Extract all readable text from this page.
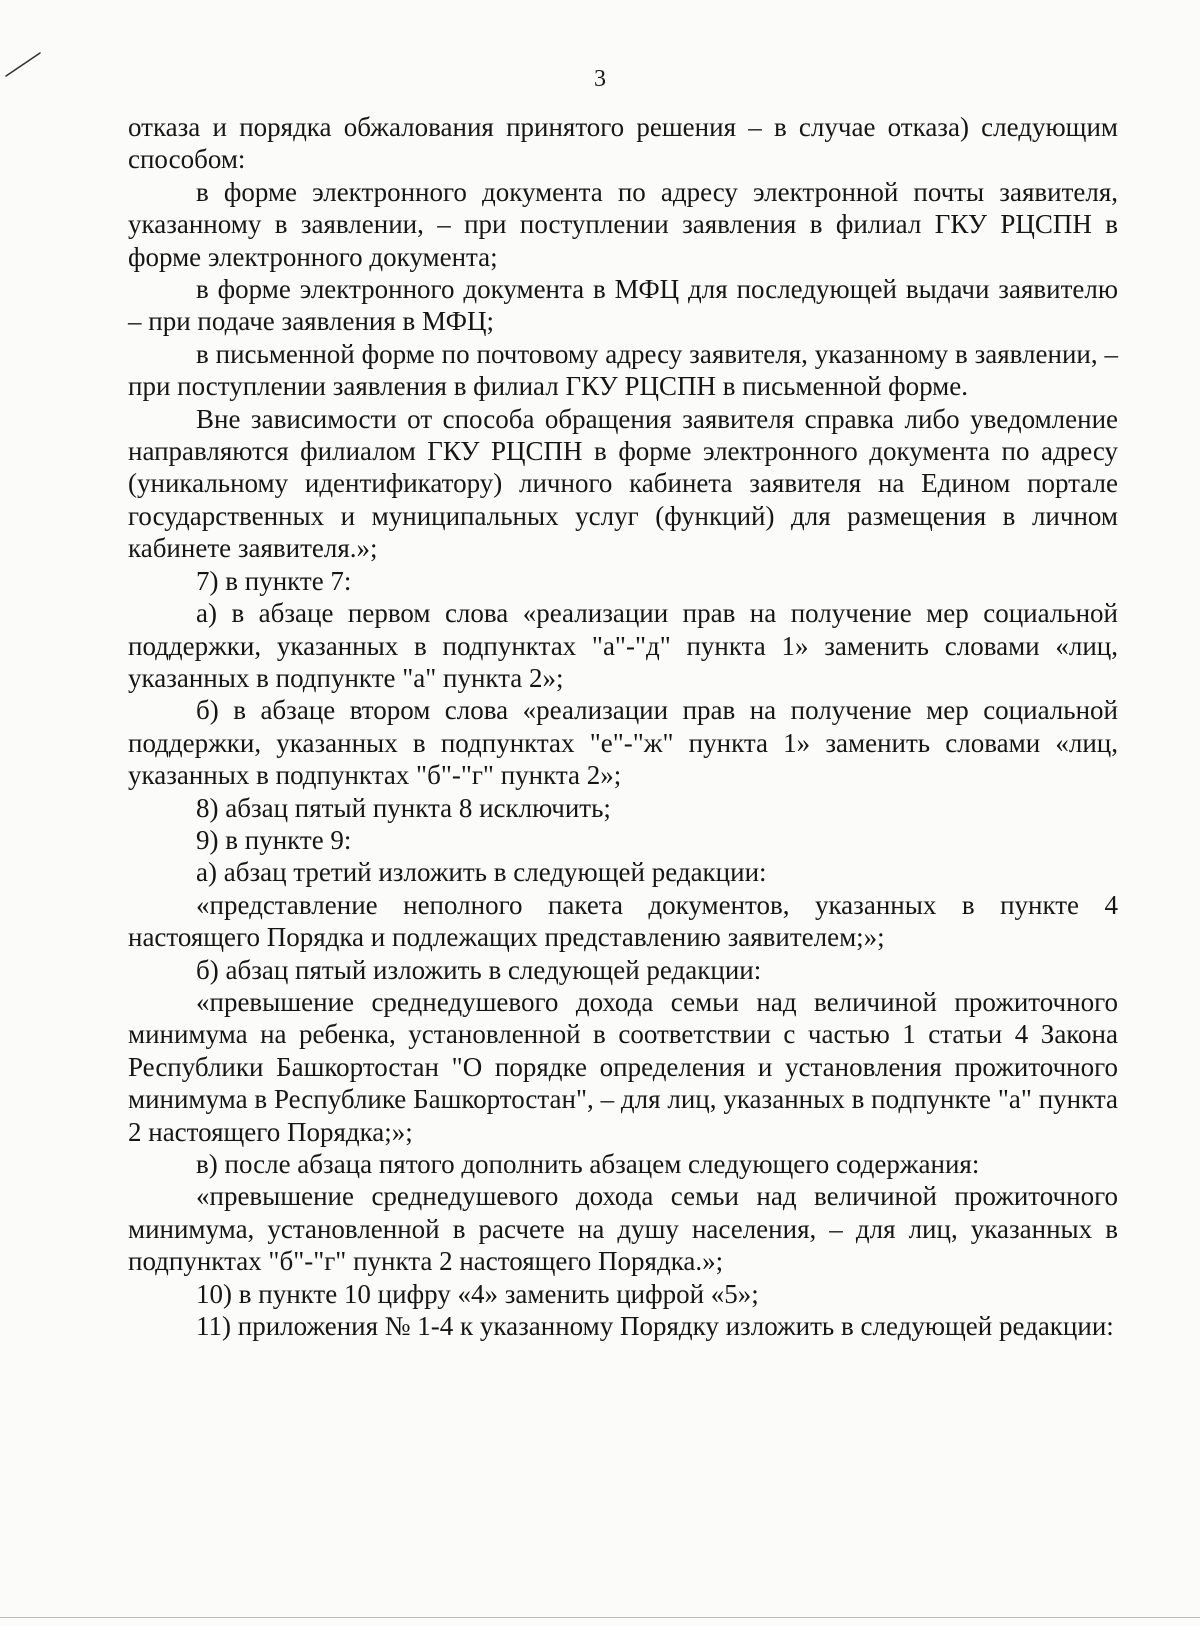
3

отказа и порядка обжалования принятого решения – в случае отказа) следующим способом:

в форме электронного документа по адресу электронной почты заявителя, указанному в заявлении, – при поступлении заявления в филиал ГКУ РЦСПН в форме электронного документа;

в форме электронного документа в МФЦ для последующей выдачи заявителю – при подаче заявления в МФЦ;

в письменной форме по почтовому адресу заявителя, указанному в заявлении, – при поступлении заявления в филиал ГКУ РЦСПН в письменной форме.

Вне зависимости от способа обращения заявителя справка либо уведомление направляются филиалом ГКУ РЦСПН в форме электронного документа по адресу (уникальному идентификатору) личного кабинета заявителя на Едином портале государственных и муниципальных услуг (функций) для размещения в личном кабинете заявителя.»;

7) в пункте 7:

а) в абзаце первом слова «реализации прав на получение мер социальной поддержки, указанных в подпунктах "а"-"д" пункта 1» заменить словами «лиц, указанных в подпункте "а" пункта 2»;

б) в абзаце втором слова «реализации прав на получение мер социальной поддержки, указанных в подпунктах "е"-"ж" пункта 1» заменить словами «лиц, указанных в подпунктах "б"-"г" пункта 2»;

8) абзац пятый пункта 8 исключить;

9) в пункте 9:

а) абзац третий изложить в следующей редакции:

«представление неполного пакета документов, указанных в пункте 4 настоящего Порядка и подлежащих представлению заявителем;»;

б) абзац пятый изложить в следующей редакции:

«превышение среднедушевого дохода семьи над величиной прожиточного минимума на ребенка, установленной в соответствии с частью 1 статьи 4 Закона Республики Башкортостан "О порядке определения и установления прожиточного минимума в Республике Башкортостан", – для лиц, указанных в подпункте "а" пункта 2 настоящего Порядка;»;

в) после абзаца пятого дополнить абзацем следующего содержания:

«превышение среднедушевого дохода семьи над величиной прожиточного минимума, установленной в расчете на душу населения, – для лиц, указанных в подпунктах "б"-"г" пункта 2 настоящего Порядка.»;

10) в пункте 10 цифру «4» заменить цифрой «5»;

11) приложения № 1-4 к указанному Порядку изложить в следующей редакции:
